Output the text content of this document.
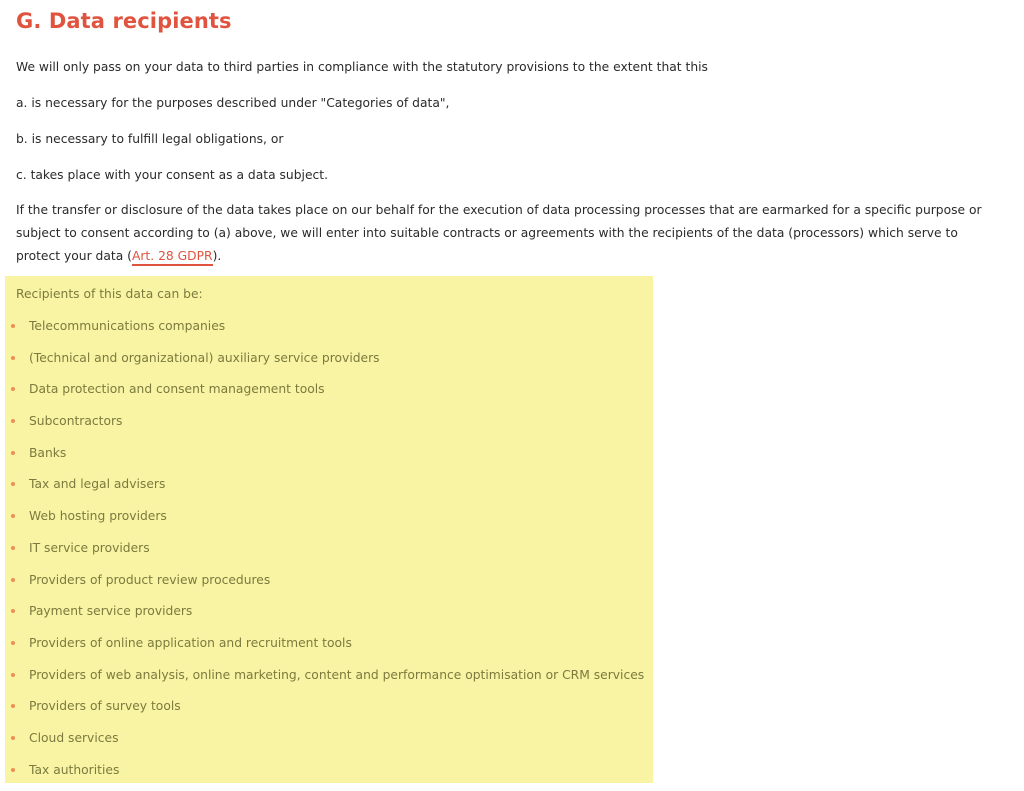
G. Data recipients

We will only pass on your data to third parties in compliance with the statutory provisions to the extent that this

a. is necessary for the purposes described under "Categories of data",

b. is necessary to fulfill legal obligations, or

c. takes place with your consent as a data subject.

If the transfer or disclosure of the data takes place on our behalf for the execution of data processing processes that are earmarked for a specific purpose or subject to consent according to (a) above, we will enter into suitable contracts or agreements with the recipients of the data (processors) which serve to protect your data (Art. 28 GDPR).

Recipients of this data can be:
Telecommunications companies
(Technical and organizational) auxiliary service providers
Data protection and consent management tools
Subcontractors
Banks
Tax and legal advisers
Web hosting providers
IT service providers
Providers of product review procedures
Payment service providers
Providers of online application and recruitment tools
Providers of web analysis, online marketing, content and performance optimisation or CRM services
Providers of survey tools
Cloud services
Tax authorities
